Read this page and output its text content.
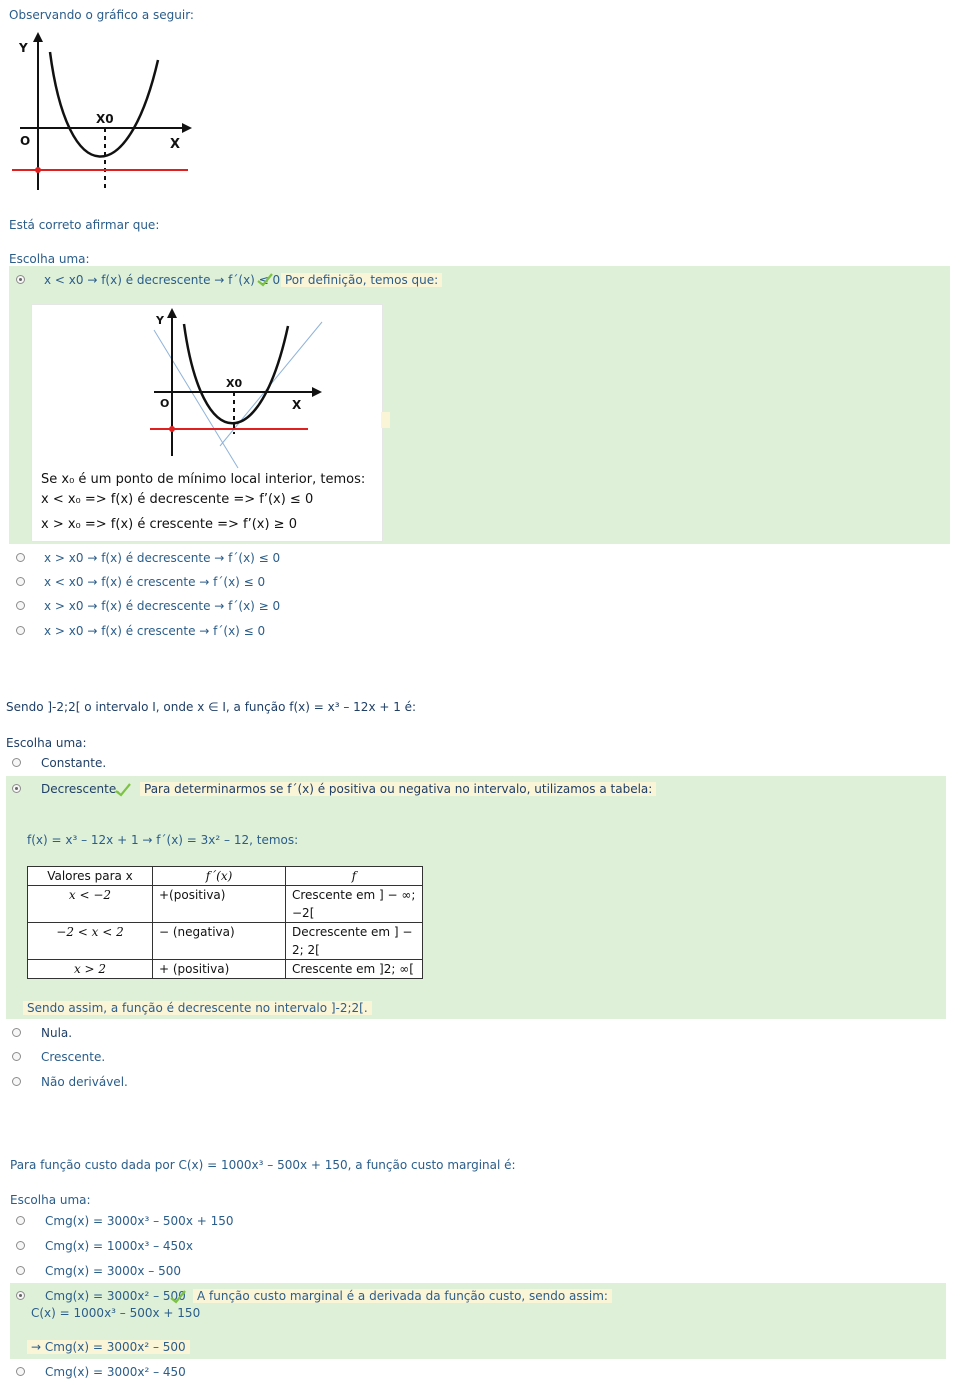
Observando o gráfico a seguir:
Y
X
O
X0
Está correto afirmar que:
Escolha uma:
x < x0 → f(x) é decrescente → f´(x) ≤ 0 Por definição, temos que:
Y
X
O
X0
Se x₀ é um ponto de mínimo local interior, temos:
x < x₀ => f(x) é decrescente => f’(x) ≤ 0
x > x₀ => f(x) é crescente => f’(x) ≥ 0
x > x0 → f(x) é decrescente → f´(x) ≤ 0
x < x0 → f(x) é crescente → f´(x) ≤ 0
x > x0 → f(x) é decrescente → f´(x) ≥ 0
x > x0 → f(x) é crescente → f´(x) ≤ 0
Sendo ]-2;2[ o intervalo I, onde x ∈ I, a função f(x) = x³ – 12x + 1 é:
Escolha uma:
Constante.
Decrescente.	Para determinarmos se f´(x) é positiva ou negativa no intervalo, utilizamos a tabela:
f(x) = x³ – 12x + 1 → f´(x) = 3x² – 12, temos:
Valores para x	f´(x)	f
x < −2	+(positiva)	Crescente em ] − ∞; −2[
−2 < x < 2	− (negativa)	Decrescente em ] − 2; 2[
x > 2	+ (positiva)	Crescente em ]2; ∞[
Sendo assim, a função é decrescente no intervalo ]-2;2[.
Nula.
Crescente.
Não derivável.
Para função custo dada por C(x) = 1000x³ – 500x + 150, a função custo marginal é:
Escolha uma:
Cmg(x) = 3000x³ – 500x + 150
Cmg(x) = 1000x³ – 450x
Cmg(x) = 3000x – 500
Cmg(x) = 3000x² – 500 A função custo marginal é a derivada da função custo, sendo assim:
C(x) = 1000x³ – 500x + 150
→ Cmg(x) = 3000x² – 500
Cmg(x) = 3000x² – 450
